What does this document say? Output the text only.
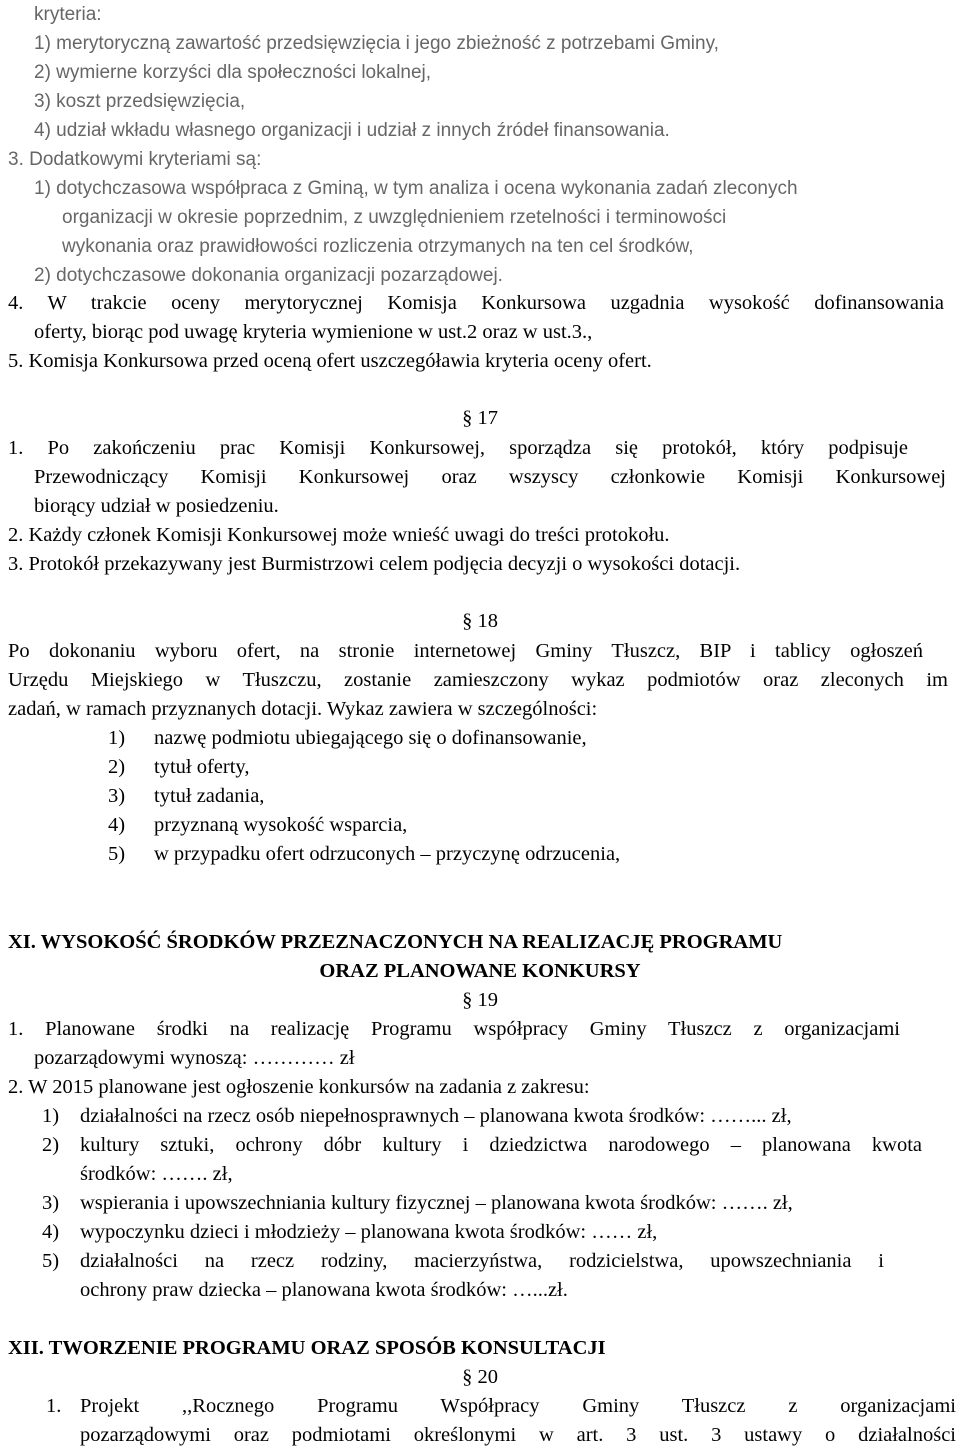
kryteria:
1) merytoryczną zawartość przedsięwzięcia i jego zbieżność z potrzebami Gminy,
2) wymierne korzyści dla społeczności lokalnej,
3) koszt przedsięwzięcia,
4) udział wkładu własnego organizacji i udział z innych źródeł finansowania.
3. Dodatkowymi kryteriami są:
1) dotychczasowa współpraca z Gminą, w tym analiza i ocena wykonania zadań zleconych
organizacji w okresie poprzednim, z uwzględnieniem rzetelności i terminowości
wykonania oraz prawidłowości rozliczenia otrzymanych na ten cel środków,
2) dotychczasowe dokonania organizacji pozarządowej.
4. W trakcie oceny merytorycznej Komisja Konkursowa uzgadnia wysokość dofinansowania
oferty, biorąc pod uwagę kryteria wymienione w ust.2 oraz w ust.3.,
5. Komisja Konkursowa przed oceną ofert uszczegóławia kryteria oceny ofert.
§ 17
1. Po zakończeniu prac Komisji Konkursowej, sporządza się protokół, który podpisuje
Przewodniczący Komisji Konkursowej oraz wszyscy członkowie Komisji Konkursowej
biorący udział w posiedzeniu.
2. Każdy członek Komisji Konkursowej może wnieść uwagi do treści protokołu.
3. Protokół przekazywany jest Burmistrzowi celem podjęcia decyzji o wysokości dotacji.
§ 18
Po dokonaniu wyboru ofert, na stronie internetowej Gminy Tłuszcz, BIP i tablicy ogłoszeń
Urzędu Miejskiego w Tłuszczu, zostanie zamieszczony wykaz podmiotów oraz zleconych im
zadań, w ramach przyznanych dotacji. Wykaz zawiera w szczególności:
1) nazwę podmiotu ubiegającego się o dofinansowanie,
2) tytuł oferty,
3) tytuł zadania,
4) przyznaną wysokość wsparcia,
5) w przypadku ofert odrzuconych – przyczynę odrzucenia,
XI. WYSOKOŚĆ ŚRODKÓW PRZEZNACZONYCH NA REALIZACJĘ PROGRAMU
ORAZ PLANOWANE KONKURSY
§ 19
1. Planowane środki na realizację Programu współpracy Gminy Tłuszcz z organizacjami
pozarządowymi wynoszą: ………… zł
2. W 2015 planowane jest ogłoszenie konkursów na zadania z zakresu:
1) działalności na rzecz osób niepełnosprawnych – planowana kwota środków: ……... zł,
2) kultury sztuki, ochrony dóbr kultury i dziedzictwa narodowego – planowana kwota
środków: ……. zł,
3) wspierania i upowszechniania kultury fizycznej – planowana kwota środków: ……. zł,
4) wypoczynku dzieci i młodzieży – planowana kwota środków: …… zł,
5) działalności na rzecz rodziny, macierzyństwa, rodzicielstwa, upowszechniania i
ochrony praw dziecka – planowana kwota środków: …...zł.
XII. TWORZENIE PROGRAMU ORAZ SPOSÓB KONSULTACJI
§ 20
1. Projekt ,,Rocznego Programu Współpracy Gminy Tłuszcz z organizacjami
pozarządowymi oraz podmiotami określonymi w art. 3 ust. 3 ustawy o działalności
